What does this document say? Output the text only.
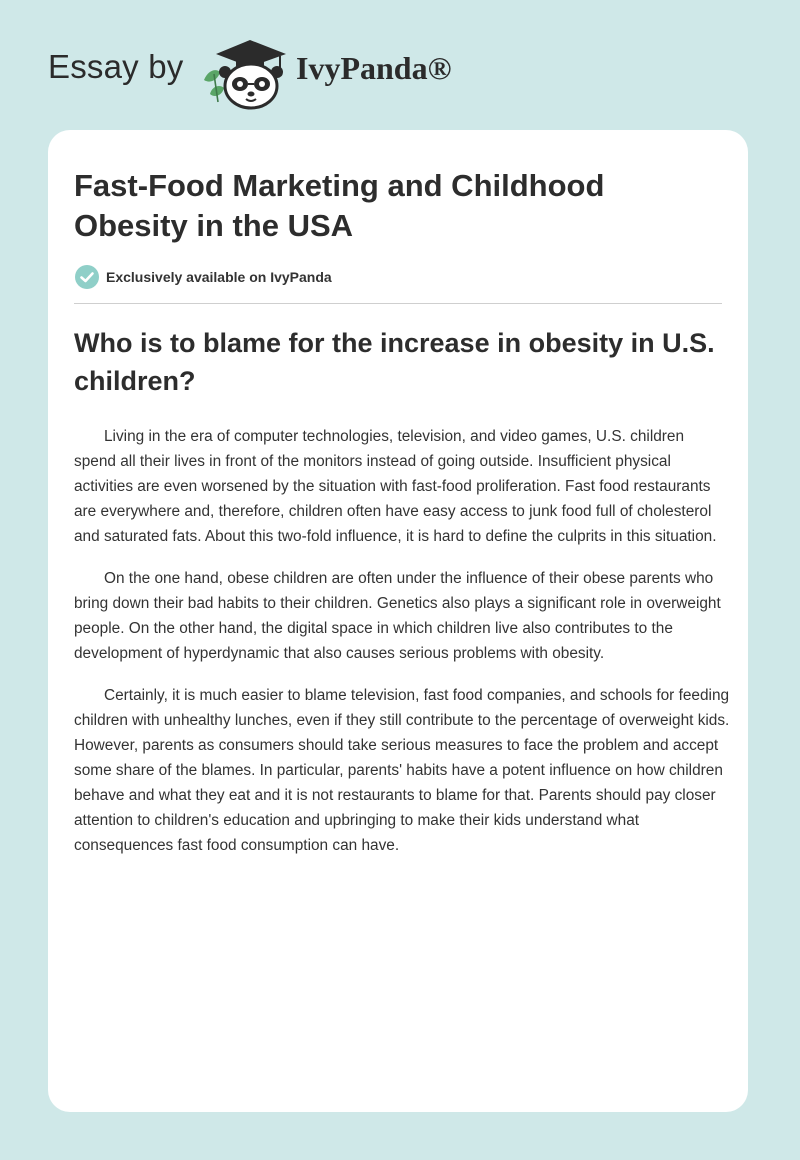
Essay by	IvyPanda®
Fast-Food Marketing and Childhood Obesity in the USA
Exclusively available on IvyPanda
Who is to blame for the increase in obesity in U.S. children?

Living in the era of computer technologies, television, and video games, U.S. children spend all their lives in front of the monitors instead of going outside. Insufficient physical activities are even worsened by the situation with fast-food proliferation. Fast food restaurants are everywhere and, therefore, children often have easy access to junk food full of cholesterol and saturated fats. About this two-fold influence, it is hard to define the culprits in this situation.

On the one hand, obese children are often under the influence of their obese parents who bring down their bad habits to their children. Genetics also plays a significant role in overweight people. On the other hand, the digital space in which children live also contributes to the development of hyperdynamic that also causes serious problems with obesity.

Certainly, it is much easier to blame television, fast food companies, and schools for feeding children with unhealthy lunches, even if they still contribute to the percentage of overweight kids. However, parents as consumers should take serious measures to face the problem and accept some share of the blames. In particular, parents' habits have a potent influence on how children behave and what they eat and it is not restaurants to blame for that. Parents should pay closer attention to children's education and upbringing to make their kids understand what consequences fast food consumption can have.
